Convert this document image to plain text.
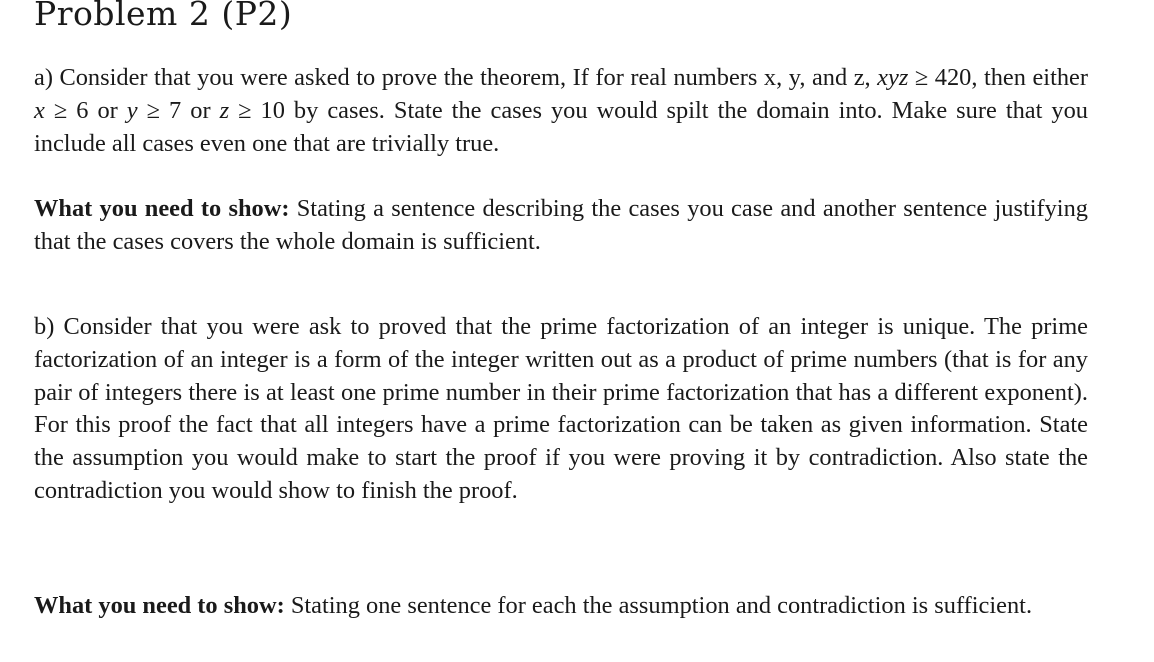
Problem 2 (P2)

a) Consider that you were asked to prove the theorem, If for real numbers x, y, and z, xyz ≥ 420, then either x ≥ 6 or y ≥ 7 or z ≥ 10 by cases. State the cases you would spilt the domain into. Make sure that you include all cases even one that are trivially true.

What you need to show: Stating a sentence describing the cases you case and another sentence justifying that the cases covers the whole domain is sufficient.

b) Consider that you were ask to proved that the prime factorization of an integer is unique. The prime factorization of an integer is a form of the integer written out as a product of prime numbers (that is for any pair of integers there is at least one prime number in their prime factorization that has a different exponent). For this proof the fact that all integers have a prime factorization can be taken as given information. State the assumption you would make to start the proof if you were proving it by contradiction. Also state the contradiction you would show to finish the proof.

What you need to show: Stating one sentence for each the assumption and contradiction is sufficient.
